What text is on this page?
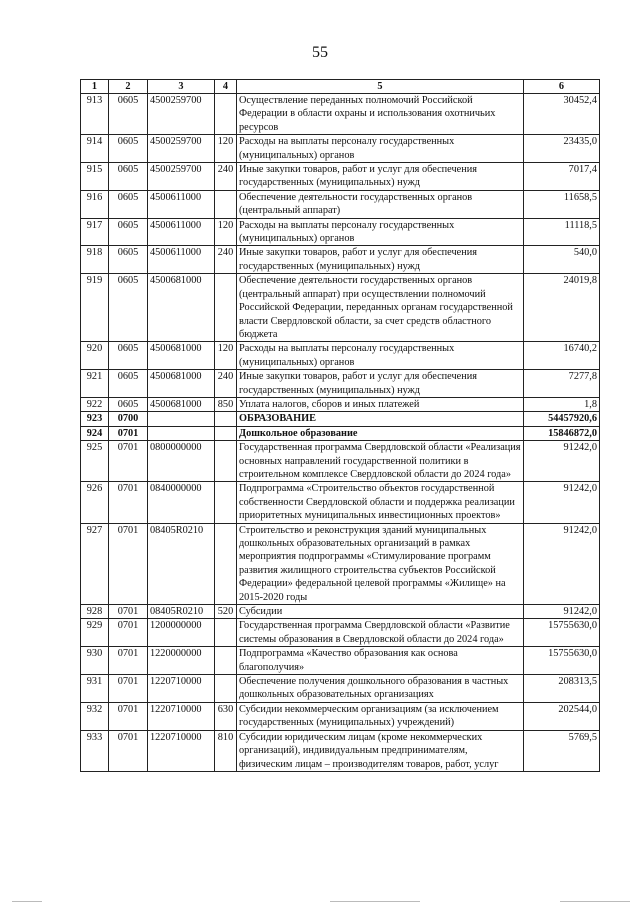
55
1	2	3	4	5	6
913	0605	4500259700		Осуществление переданных полномочий Российской Федерации в области охраны и использования охотничьих ресурсов	30452,4
914	0605	4500259700	120	Расходы на выплаты персоналу государственных (муниципальных) органов	23435,0
915	0605	4500259700	240	Иные закупки товаров, работ и услуг для обеспечения государственных (муниципальных) нужд	7017,4
916	0605	4500611000		Обеспечение деятельности государственных органов (центральный аппарат)	11658,5
917	0605	4500611000	120	Расходы на выплаты персоналу государственных (муниципальных) органов	11118,5
918	0605	4500611000	240	Иные закупки товаров, работ и услуг для обеспечения государственных (муниципальных) нужд	540,0
919	0605	4500681000		Обеспечение деятельности государственных органов (центральный аппарат) при осуществлении полномочий Российской Федерации, переданных органам государственной власти Свердловской области, за счет средств областного бюджета	24019,8
920	0605	4500681000	120	Расходы на выплаты персоналу государственных (муниципальных) органов	16740,2
921	0605	4500681000	240	Иные закупки товаров, работ и услуг для обеспечения государственных (муниципальных) нужд	7277,8
922	0605	4500681000	850	Уплата налогов, сборов и иных платежей	1,8
923	0700			ОБРАЗОВАНИЕ	54457920,6
924	0701			Дошкольное образование	15846872,0
925	0701	0800000000		Государственная программа Свердловской области «Реализация основных направлений государственной политики в строительном комплексе Свердловской области до 2024 года»	91242,0
926	0701	0840000000		Подпрограмма «Строительство объектов государственной собственности Свердловской области и поддержка реализации приоритетных муниципальных инвестиционных проектов»	91242,0
927	0701	08405R0210		Строительство и реконструкция зданий муниципальных дошкольных образовательных организаций в рамках мероприятия подпрограммы «Стимулирование программ развития жилищного строительства субъектов Российской Федерации» федеральной целевой программы «Жилище» на 2015-2020 годы	91242,0
928	0701	08405R0210	520	Субсидии	91242,0
929	0701	1200000000		Государственная программа Свердловской области «Развитие системы образования в Свердловской области до 2024 года»	15755630,0
930	0701	1220000000		Подпрограмма «Качество образования как основа благополучия»	15755630,0
931	0701	1220710000		Обеспечение получения дошкольного образования в частных дошкольных образовательных организациях	208313,5
932	0701	1220710000	630	Субсидии некоммерческим организациям (за исключением государственных (муниципальных) учреждений)	202544,0
933	0701	1220710000	810	Субсидии юридическим лицам (кроме некоммерческих организаций), индивидуальным предпринимателям, физическим лицам – производителям товаров, работ, услуг	5769,5
